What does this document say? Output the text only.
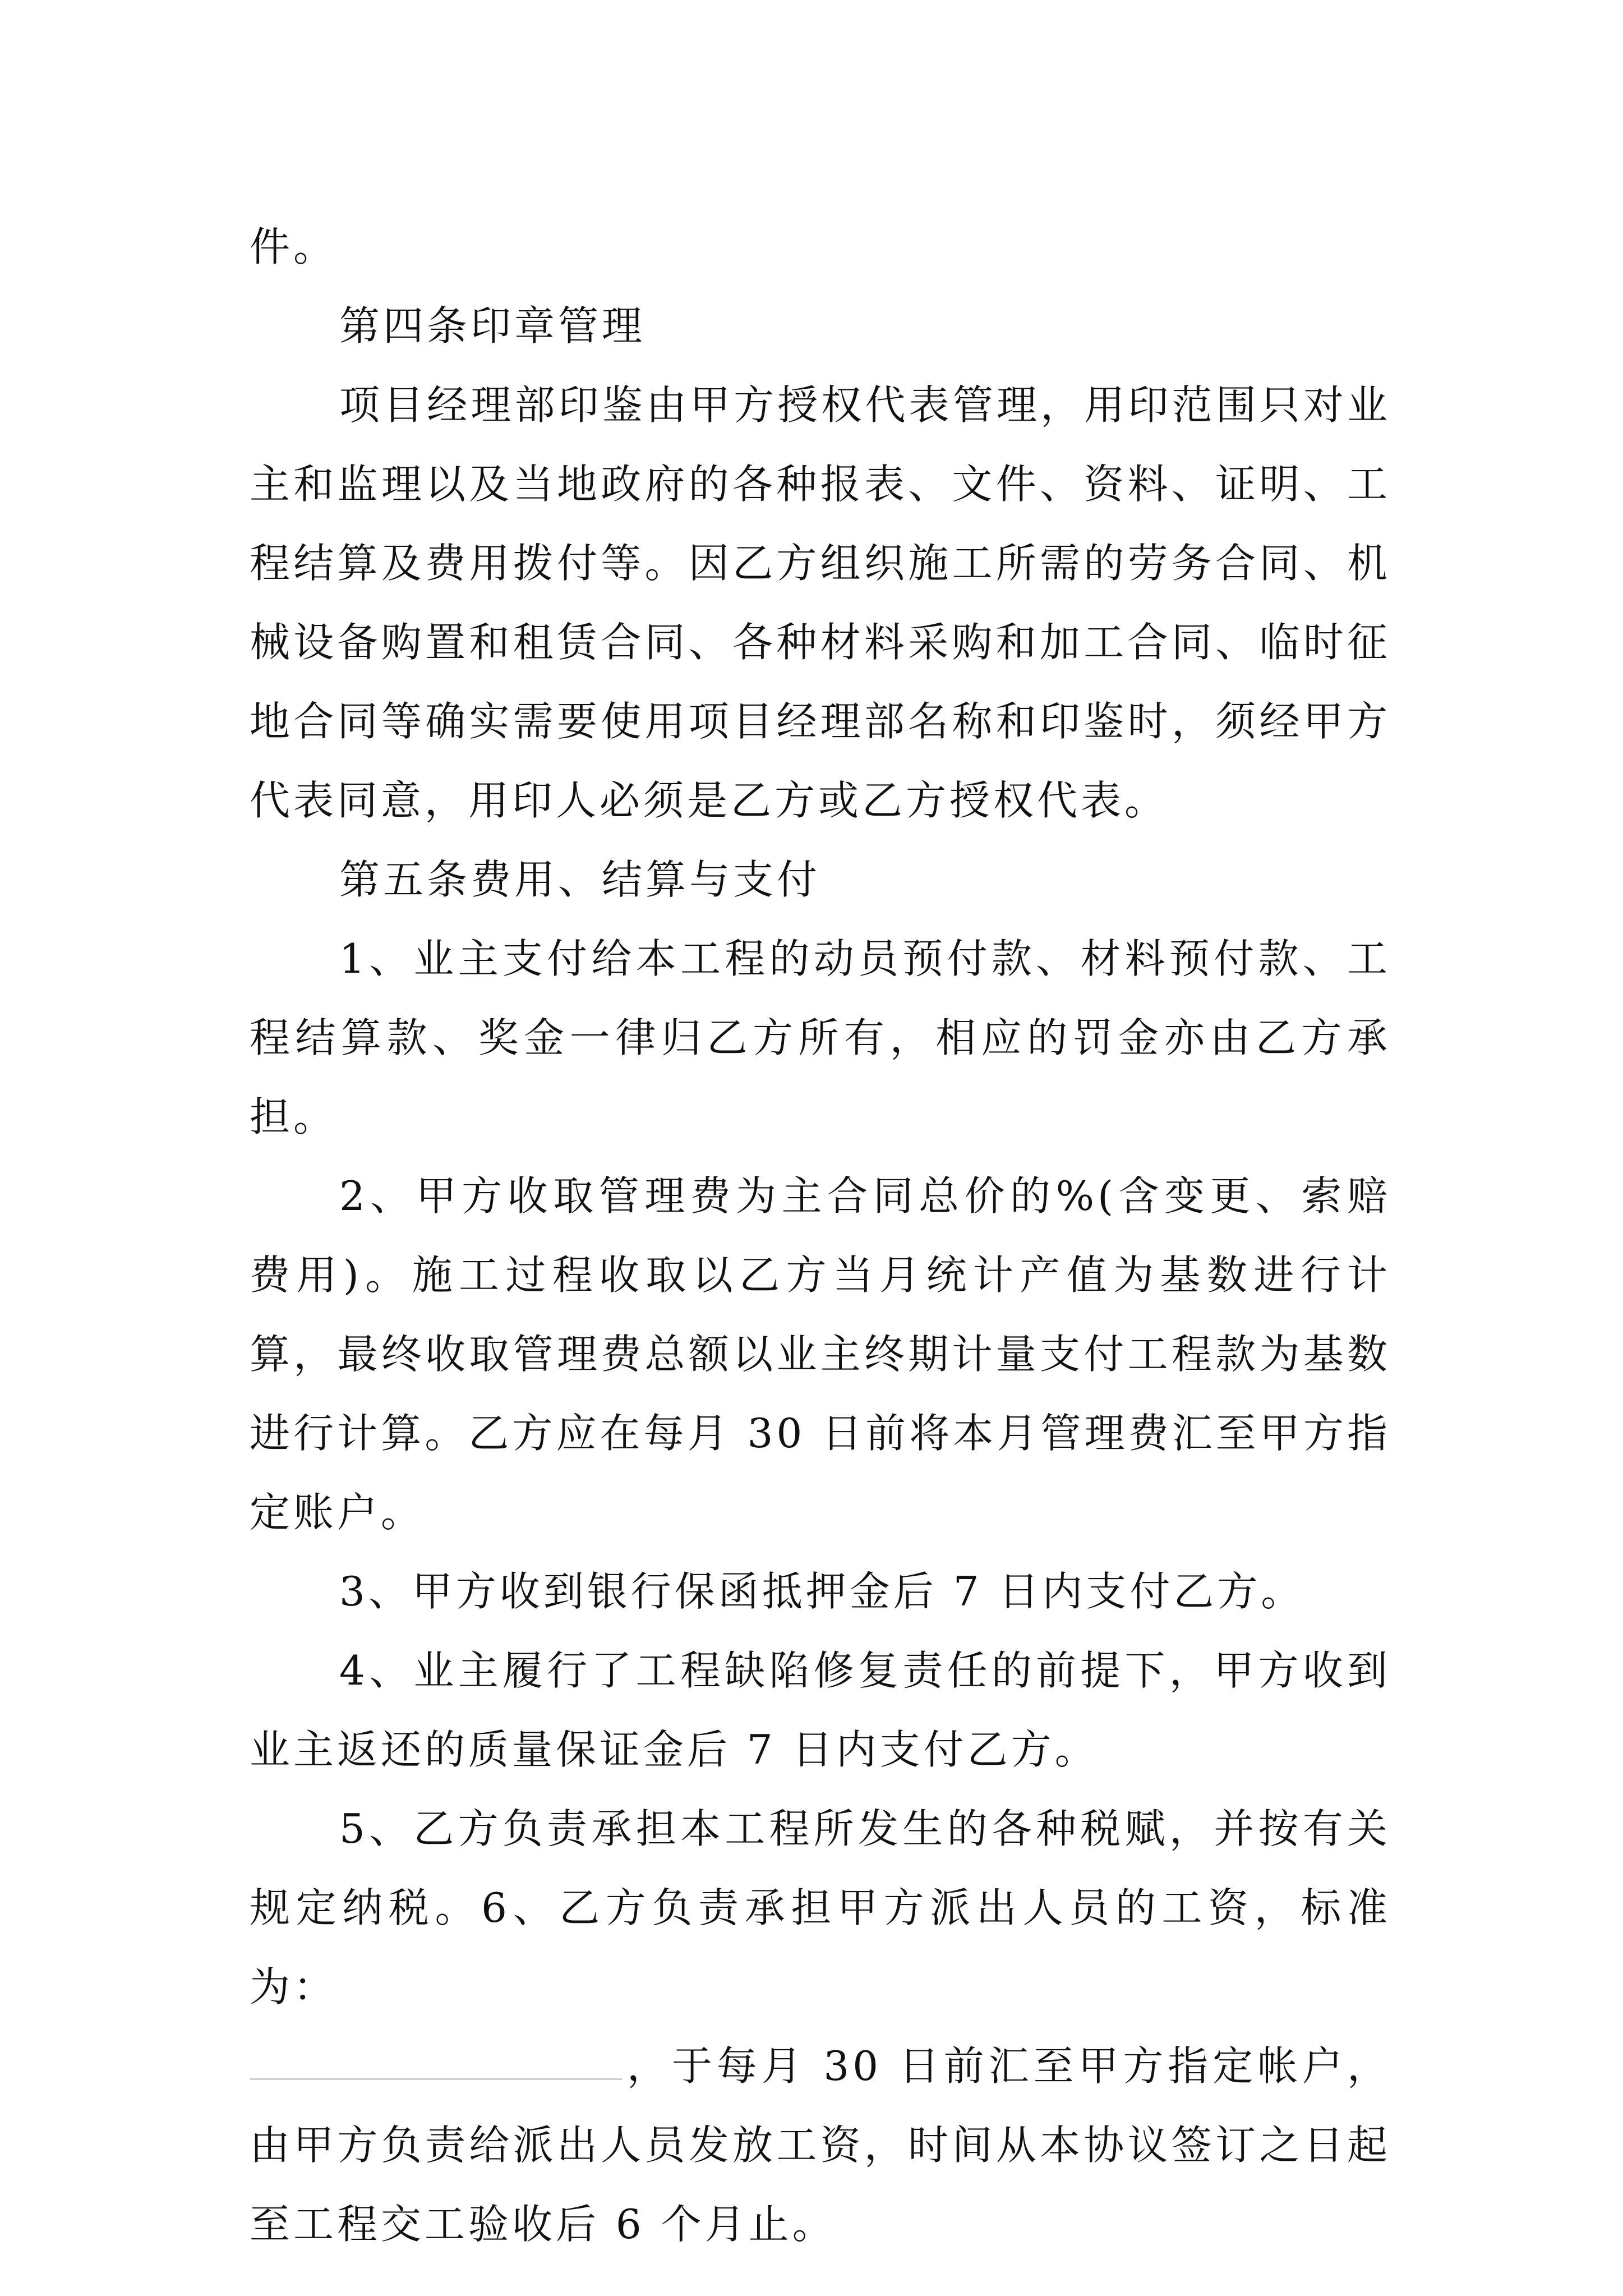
件。

第四条印章管理

项目经理部印鉴由甲方授权代表管理，用印范围只对业主和监理以及当地政府的各种报表、文件、资料、证明、工程结算及费用拨付等。因乙方组织施工所需的劳务合同、机械设备购置和租赁合同、各种材料采购和加工合同、临时征地合同等确实需要使用项目经理部名称和印鉴时，须经甲方代表同意，用印人必须是乙方或乙方授权代表。

第五条费用、结算与支付

1、业主支付给本工程的动员预付款、材料预付款、工程结算款、奖金一律归乙方所有，相应的罚金亦由乙方承担。

2、甲方收取管理费为主合同总价的%(含变更、索赔费用)。施工过程收取以乙方当月统计产值为基数进行计算，最终收取管理费总额以业主终期计量支付工程款为基数进行计算。乙方应在每月 30 日前将本月管理费汇至甲方指定账户。

3、甲方收到银行保函抵押金后 7 日内支付乙方。

4、业主履行了工程缺陷修复责任的前提下，甲方收到业主返还的质量保证金后 7 日内支付乙方。

5、乙方负责承担本工程所发生的各种税赋，并按有关规定纳税。6、乙方负责承担甲方派出人员的工资，标准为：

，于每月 30 日前汇至甲方指定帐户，由甲方负责给派出人员发放工资，时间从本协议签订之日起至工程交工验收后 6 个月止。
